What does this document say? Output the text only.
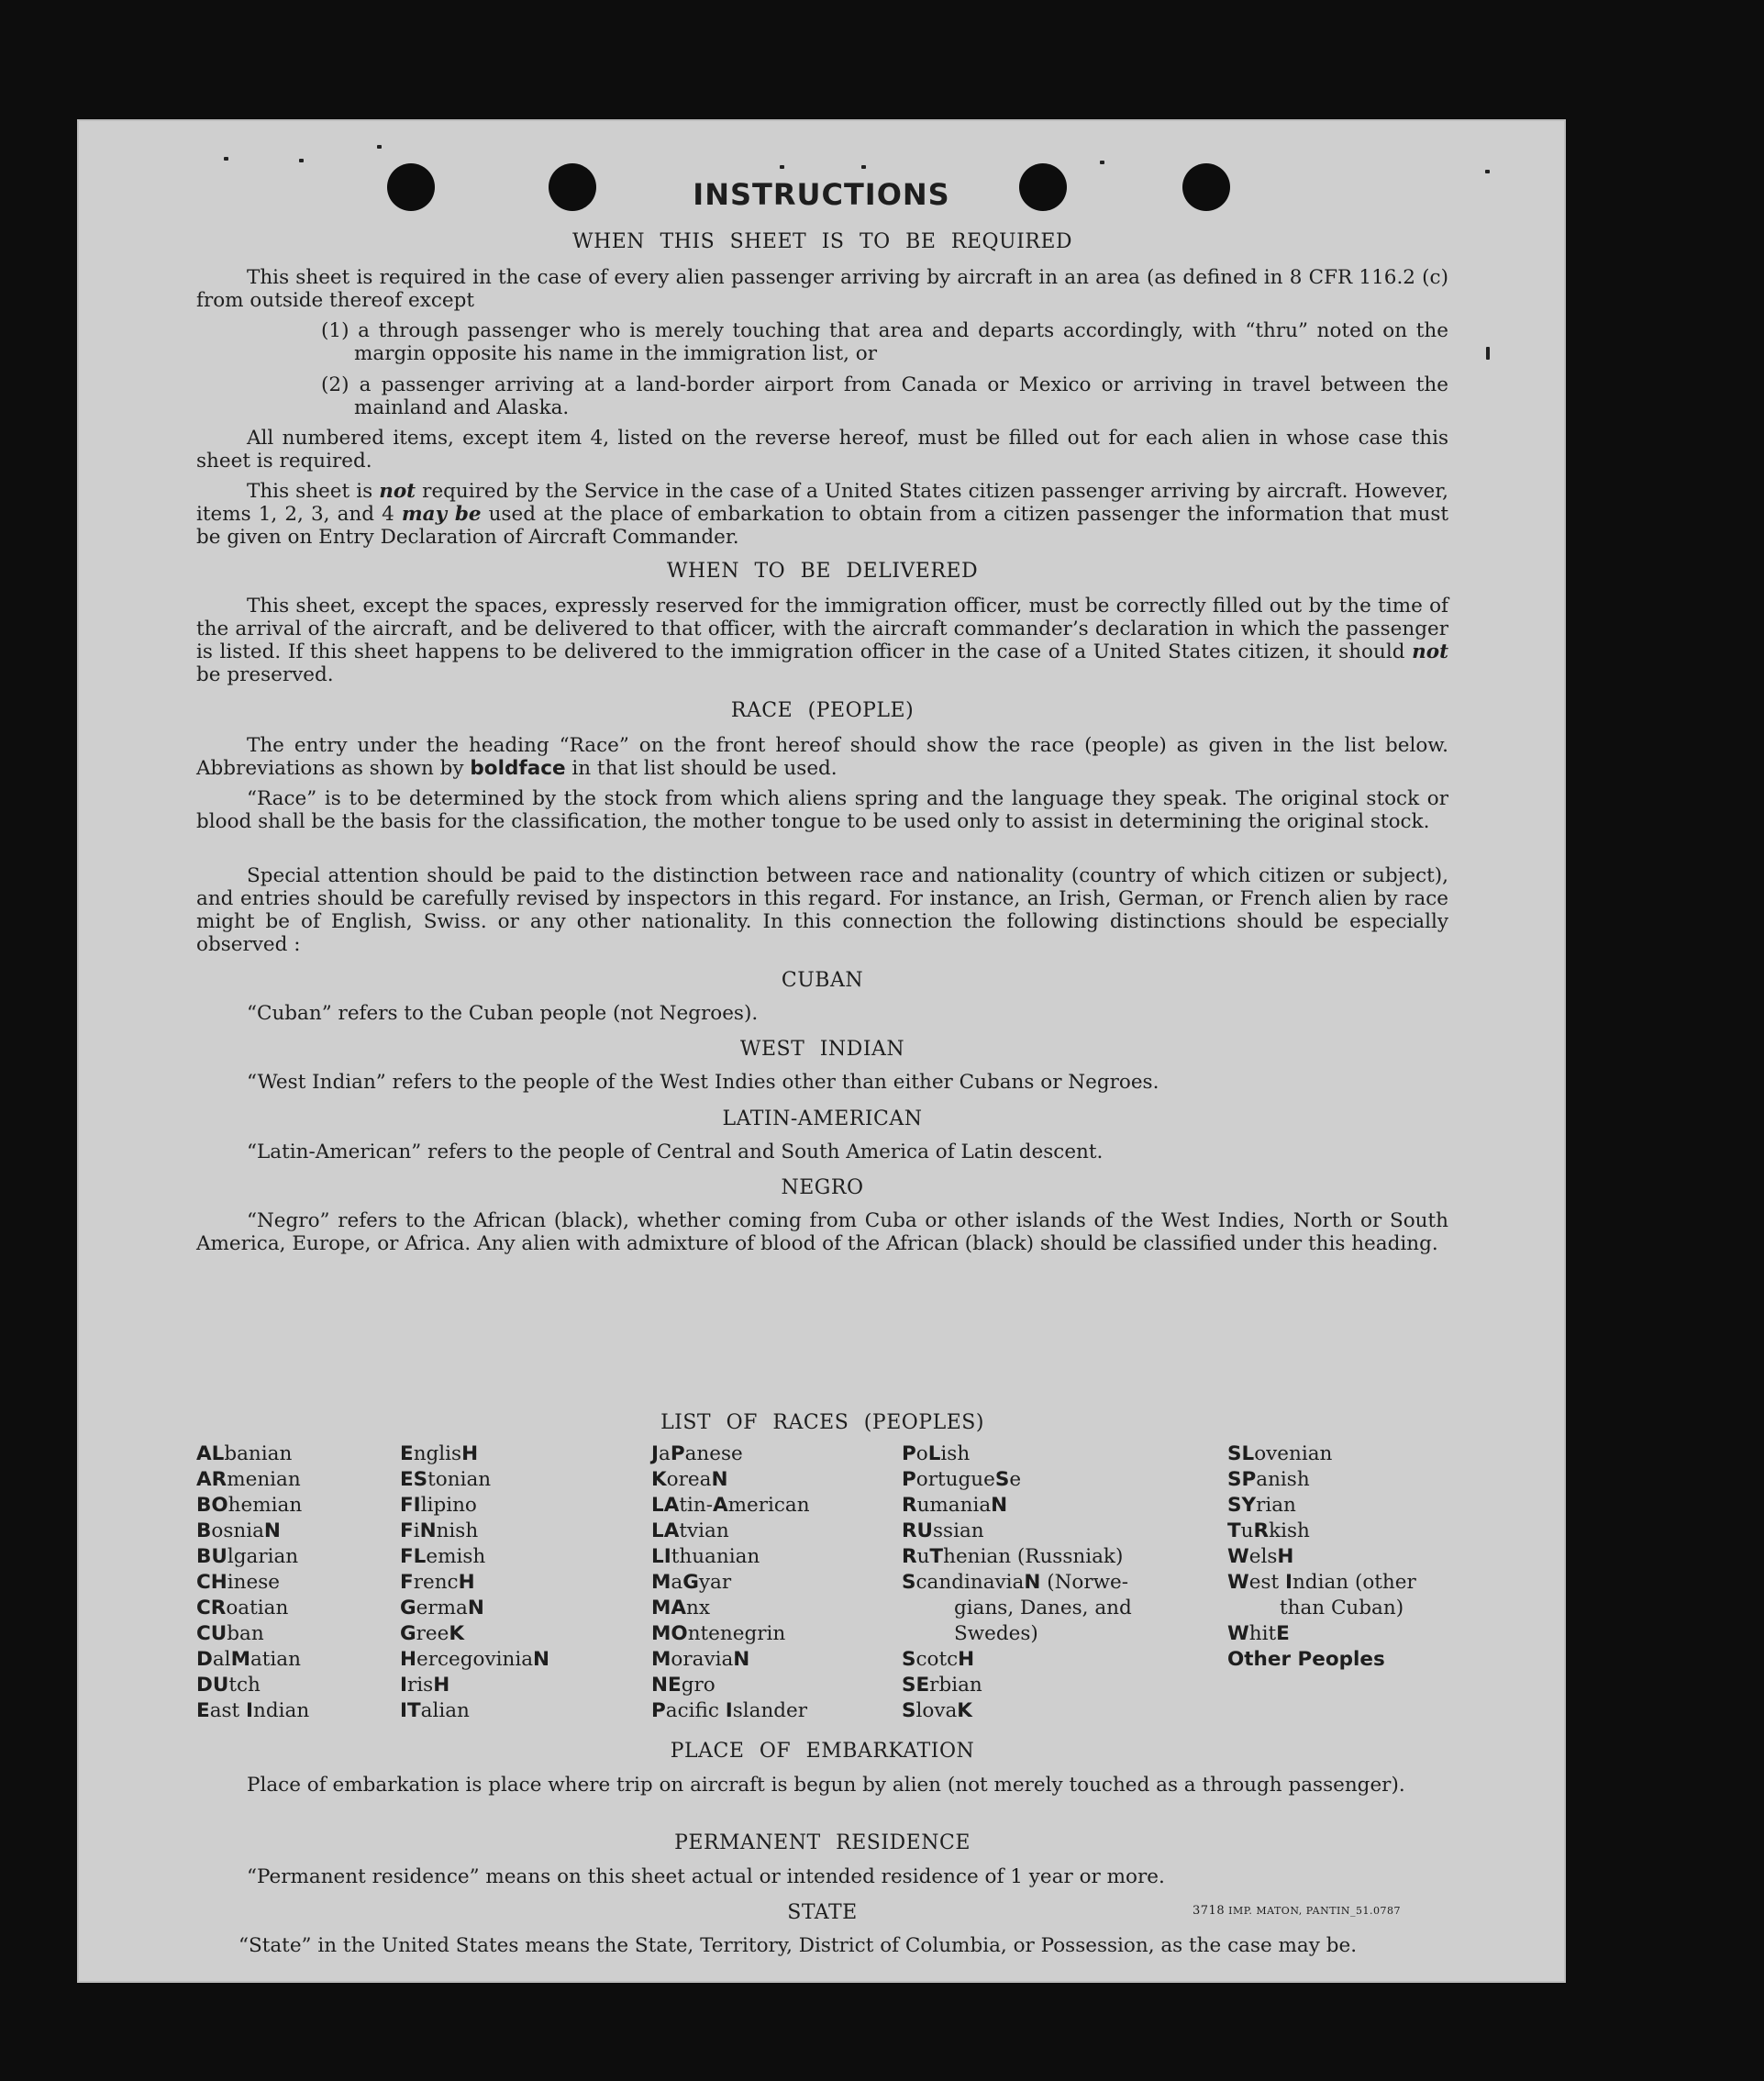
INSTRUCTIONS
WHEN THIS SHEET IS TO BE REQUIRED
This sheet is required in the case of every alien passenger arriving by aircraft in an area (as defined in 8 CFR 116.2 (c) from outside thereof except
(1) a through passenger who is merely touching that area and departs accordingly, with “thru” noted on the margin opposite his name in the immigration list, or
(2) a passenger arriving at a land-border airport from Canada or Mexico or arriving in travel between the mainland and Alaska.
All numbered items, except item 4, listed on the reverse hereof, must be filled out for each alien in whose case this sheet is required.
This sheet is not required by the Service in the case of a United States citizen passenger arriving by aircraft. However, items 1, 2, 3, and 4 may be used at the place of embarkation to obtain from a citizen passenger the information that must be given on Entry Declaration of Aircraft Commander.
WHEN TO BE DELIVERED
This sheet, except the spaces, expressly reserved for the immigration officer, must be correctly filled out by the time of the arrival of the aircraft, and be delivered to that officer, with the aircraft commander’s declaration in which the passenger is listed. If this sheet happens to be delivered to the immigration officer in the case of a United States citizen, it should not be preserved.
RACE (PEOPLE)
The entry under the heading “Race” on the front hereof should show the race (people) as given in the list below. Abbreviations as shown by boldface in that list should be used.
“Race” is to be determined by the stock from which aliens spring and the language they speak. The original stock or blood shall be the basis for the classification, the mother tongue to be used only to assist in determining the original stock.
Special attention should be paid to the distinction between race and nationality (country of which citizen or subject), and entries should be carefully revised by inspectors in this regard. For instance, an Irish, German, or French alien by race might be of English, Swiss. or any other nationality. In this connection the following distinctions should be especially observed :
CUBAN
“Cuban” refers to the Cuban people (not Negroes).
WEST INDIAN
“West Indian” refers to the people of the West Indies other than either Cubans or Negroes.
LATIN-AMERICAN
“Latin-American” refers to the people of Central and South America of Latin descent.
NEGRO
“Negro” refers to the African (black), whether coming from Cuba or other islands of the West Indies, North or South America, Europe, or Africa. Any alien with admixture of blood of the African (black) should be classified under this heading.
LIST OF RACES (PEOPLES)
ALbanian
ARmenian
BOhemian
BosniaN
BUlgarian
CHinese
CRoatian
CUban
DalMatian
DUtch
East Indian
EnglisH
EStonian
FIlipino
FiNnish
FLemish
FrencH
GermaN
GreeK
HercegoviniaN
IrisH
ITalian
JaPanese
KoreaN
LAtin-American
LAtvian
LIthuanian
MaGyar
MAnx
MOntenegrin
MoraviaN
NEgro
Pacific Islander
PoLish
PortugueSe
RumaniaN
RUssian
RuThenian (Russniak)
ScandinaviaN (Norwe-
gians, Danes, and
Swedes)
ScotcH
SErbian
SlovaK
SLovenian
SPanish
SYrian
TuRkish
WelsH
West Indian (other
than Cuban)
WhitE
Other Peoples
PLACE OF EMBARKATION
Place of embarkation is place where trip on aircraft is begun by alien (not merely touched as a through passenger).
PERMANENT RESIDENCE
“Permanent residence” means on this sheet actual or intended residence of 1 year or more.
STATE
“State” in the United States means the State, Territory, District of Columbia, or Possession, as the case may be.
3718 IMP. MATON, PANTIN_51.0787
